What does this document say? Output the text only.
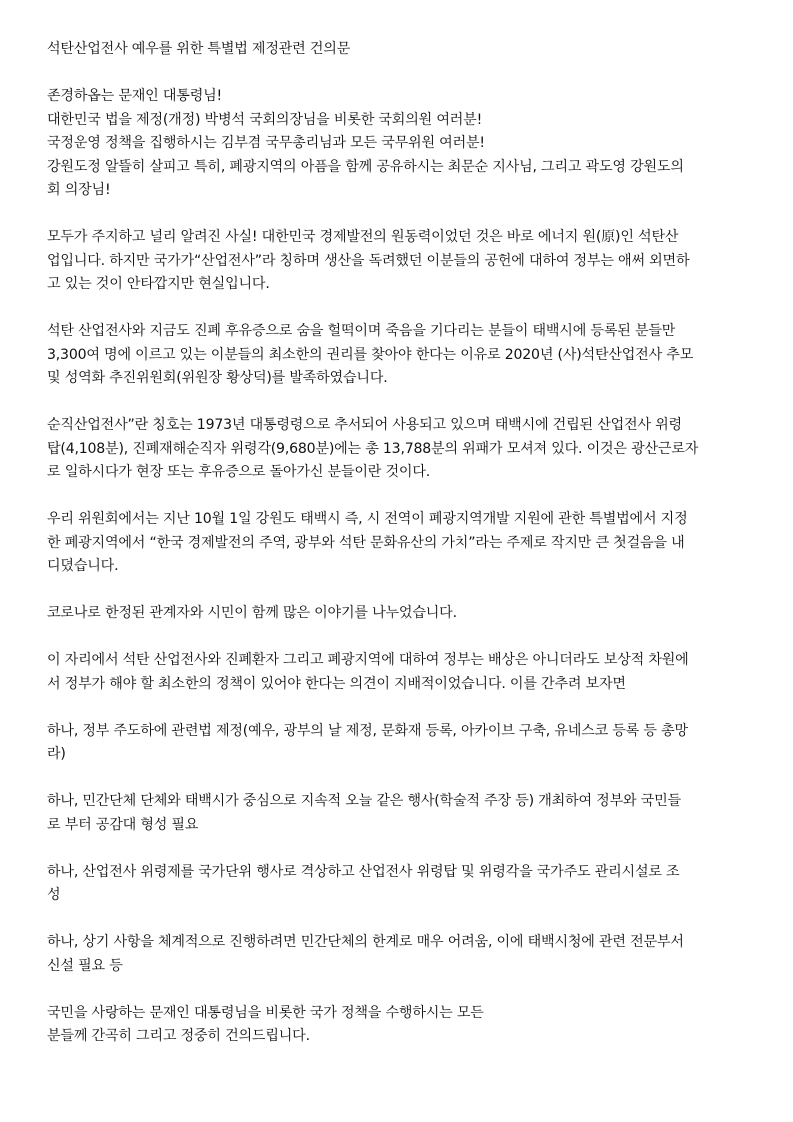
석탄산업전사 예우를 위한 특별법 제정관련 건의문
존경하옵는 문재인 대통령님!
대한민국 법을 제정(개정) 박병석 국회의장님을 비롯한 국회의원 여러분!
국정운영 정책을 집행하시는 김부겸 국무총리님과 모든 국무위원 여러분!
강원도정 알뜰히 살피고 특히, 폐광지역의 아픔을 함께 공유하시는 최문순 지사님, 그리고 곽도영 강원도의
회 의장님!
모두가 주지하고 널리 알려진 사실! 대한민국 경제발전의 원동력이었던 것은 바로 에너지 원(原)인 석탄산
업입니다. 하지만 국가가“산업전사”라 칭하며 생산을 독려했던 이분들의 공헌에 대하여 정부는 애써 외면하
고 있는 것이 안타깝지만 현실입니다.
석탄 산업전사와 지금도 진폐 후유증으로 숨을 헐떡이며 죽음을 기다리는 분들이 태백시에 등록된 분들만
3,300여 명에 이르고 있는 이분들의 최소한의 권리를 찾아야 한다는 이유로 2020년 (사)석탄산업전사 추모
및 성역화 추진위원회(위원장 황상덕)를 발족하였습니다.
순직산업전사”란 칭호는 1973년 대통령령으로 추서되어 사용되고 있으며 태백시에 건립된 산업전사 위령
탑(4,108분), 진폐재해순직자 위령각(9,680분)에는 총 13,788분의 위패가 모셔져 있다. 이것은 광산근로자
로 일하시다가 현장 또는 후유증으로 돌아가신 분들이란 것이다.
우리 위원회에서는 지난 10월 1일 강원도 태백시 즉, 시 전역이 폐광지역개발 지원에 관한 특별법에서 지정
한 폐광지역에서 “한국 경제발전의 주역, 광부와 석탄 문화유산의 가치”라는 주제로 작지만 큰 첫걸음을 내
디뎠습니다.
코로나로 한정된 관계자와 시민이 함께 많은 이야기를 나누었습니다.
이 자리에서 석탄 산업전사와 진폐환자 그리고 폐광지역에 대하여 정부는 배상은 아니더라도 보상적 차원에
서 정부가 해야 할 최소한의 정책이 있어야 한다는 의견이 지배적이었습니다. 이를 간추려 보자면
하나, 정부 주도하에 관련법 제정(예우, 광부의 날 제정, 문화재 등록, 아카이브 구축, 유네스코 등록 등 총망
라)
하나, 민간단체 단체와 태백시가 중심으로 지속적 오늘 같은 행사(학술적 주장 등) 개최하여 정부와 국민들
로 부터 공감대 형성 필요
하나, 산업전사 위령제를 국가단위 행사로 격상하고 산업전사 위령탑 및 위령각을 국가주도 관리시설로 조
성
하나, 상기 사항을 체계적으로 진행하려면 민간단체의 한계로 매우 어려움, 이에 태백시청에 관련 전문부서
신설 필요 등
국민을 사랑하는 문재인 대통령님을 비롯한 국가 정책을 수행하시는 모든
분들께 간곡히 그리고 정중히 건의드립니다.
